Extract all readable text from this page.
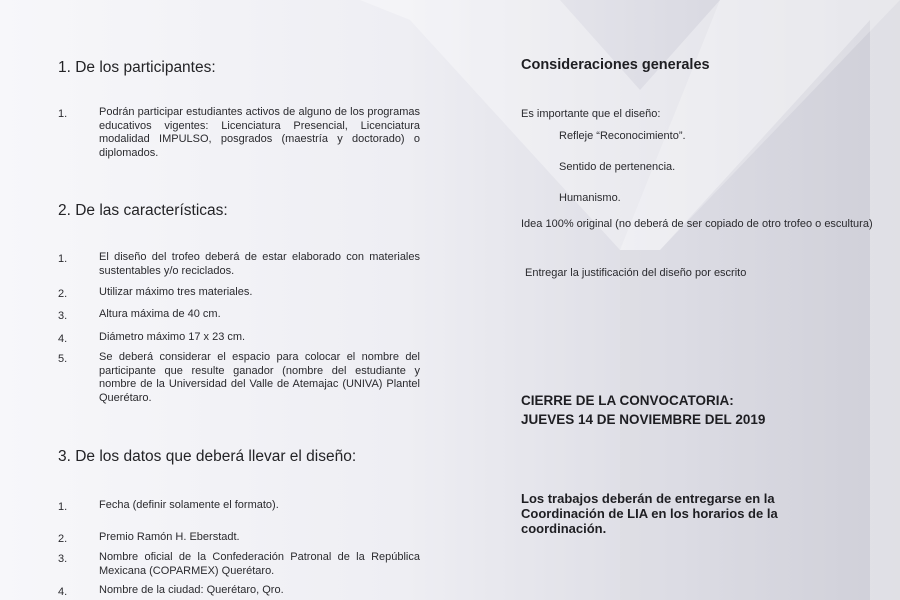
1. De los participantes:
1.	Podrán participar estudiantes activos de alguno de los programas educativos vigentes: Licenciatura Presencial, Licenciatura modalidad IMPULSO, posgrados (maestría y doctorado) o diplomados.
2. De las características:
1.	El diseño del trofeo deberá de estar elaborado con materiales sustentables y/o reciclados.
2.	Utilizar máximo tres materiales.
3.	Altura máxima de 40 cm.
4.	Diámetro máximo 17 x 23 cm.
5.	Se deberá considerar el espacio para colocar el nombre del participante que resulte ganador (nombre del estudiante y nombre de la Universidad del Valle de Atemajac (UNIVA) Plantel Querétaro.
3. De los datos que deberá llevar el diseño:
1.	Fecha (definir solamente el formato).
2.	Premio Ramón H. Eberstadt.
3.	Nombre oficial de la Confederación Patronal de la República Mexicana (COPARMEX) Querétaro.
4.	Nombre de la ciudad: Querétaro, Qro.
Consideraciones generales
Es importante que el diseño:
Refleje “Reconocimiento”.
Sentido de pertenencia.
Humanismo.
Idea 100% original (no deberá de ser copiado de otro trofeo o escultura)
Entregar la justificación del diseño por escrito
CIERRE DE LA CONVOCATORIA:
JUEVES 14 DE NOVIEMBRE DEL 2019
Los trabajos deberán de entregarse en la Coordinación de LIA en los horarios de la coordinación.
